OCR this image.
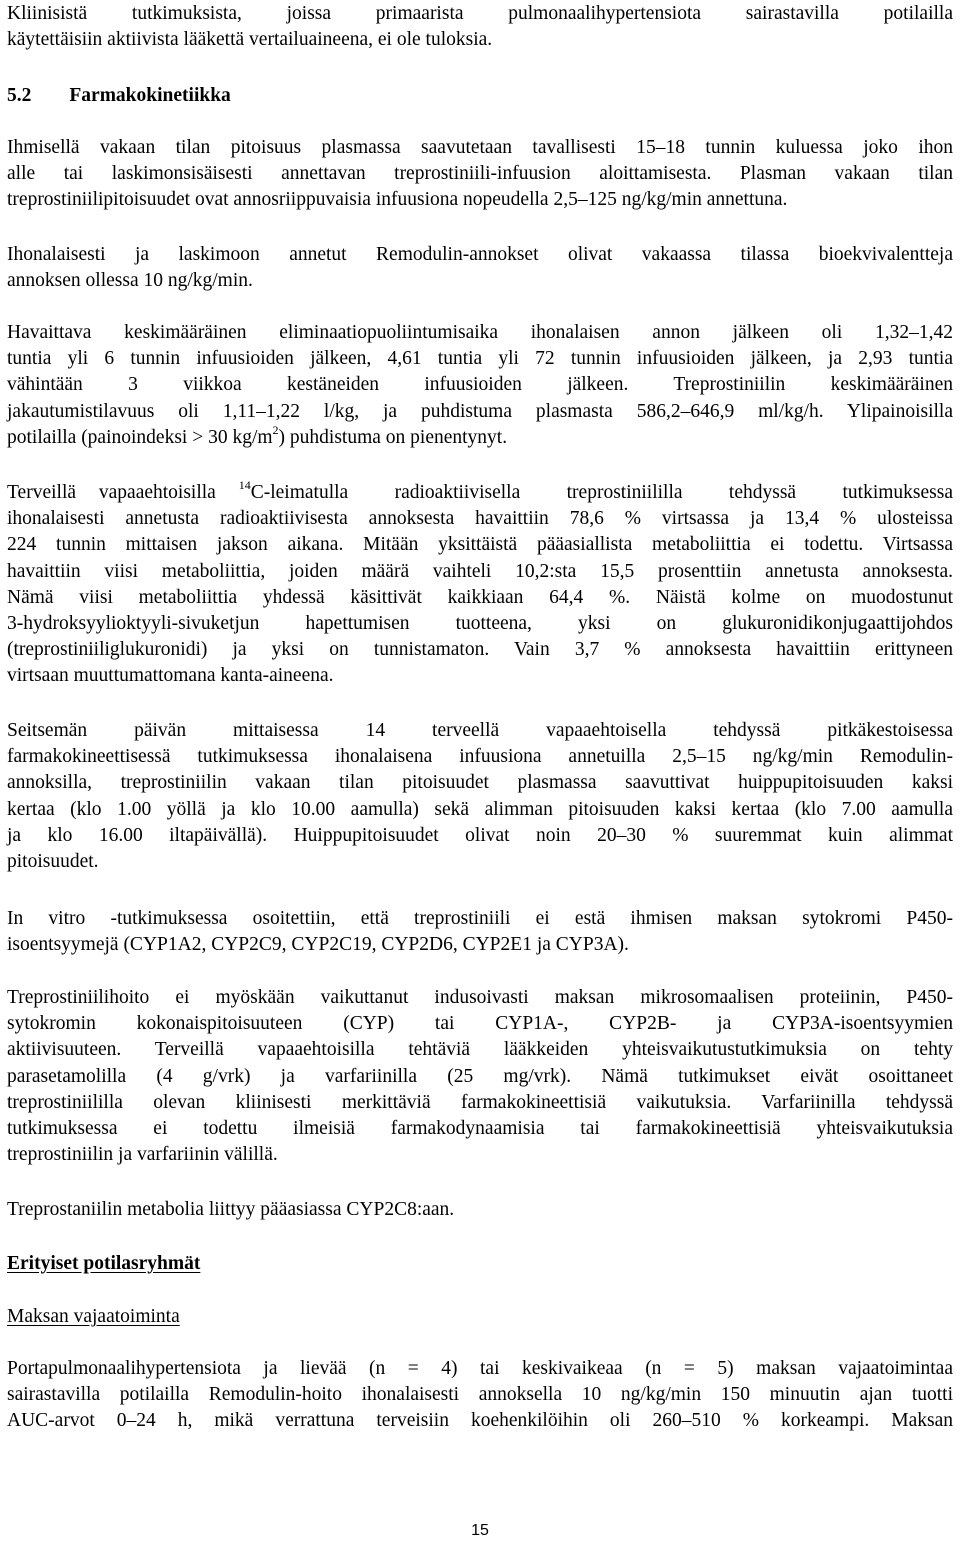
Kliinisistä tutkimuksista, joissa primaarista pulmonaalihypertensiota sairastavilla potilailla
käytettäisiin aktiivista lääkettä vertailuaineena, ei ole tuloksia.
5.2 Farmakokinetiikka
Ihmisellä vakaan tilan pitoisuus plasmassa saavutetaan tavallisesti 15–18 tunnin kuluessa joko ihon
alle tai laskimonsisäisesti annettavan treprostiniili-infuusion aloittamisesta. Plasman vakaan tilan
treprostiniilipitoisuudet ovat annosriippuvaisia infuusiona nopeudella 2,5–125 ng/kg/min annettuna.
Ihonalaisesti ja laskimoon annetut Remodulin-annokset olivat vakaassa tilassa bioekvivalentteja
annoksen ollessa 10 ng/kg/min.
Havaittava keskimääräinen eliminaatiopuoliintumisaika ihonalaisen annon jälkeen oli 1,32–1,42
tuntia yli 6 tunnin infuusioiden jälkeen, 4,61 tuntia yli 72 tunnin infuusioiden jälkeen, ja 2,93 tuntia
vähintään 3 viikkoa kestäneiden infuusioiden jälkeen. Treprostiniilin keskimääräinen
jakautumistilavuus oli 1,11–1,22 l/kg, ja puhdistuma plasmasta 586,2–646,9 ml/kg/h. Ylipainoisilla
potilailla (painoindeksi > 30 $kg/m^2$) puhdistuma on pienentynyt.
Terveillä vapaaehtoisilla $^{14}$C-leimatulla radioaktiivisella treprostiniililla tehdyssä tutkimuksessa
ihonalaisesti annetusta radioaktiivisesta annoksesta havaittiin 78,6 % virtsassa ja 13,4 % ulosteissa
224 tunnin mittaisen jakson aikana. Mitään yksittäistä pääasiallista metaboliittia ei todettu. Virtsassa
havaittiin viisi metaboliittia, joiden määrä vaihteli 10,2:sta 15,5 prosenttiin annetusta annoksesta.
Nämä viisi metaboliittia yhdessä käsittivät kaikkiaan 64,4 %. Näistä kolme on muodostunut
3-hydroksyylioktyyli-sivuketjun hapettumisen tuotteena, yksi on glukuronidikonjugaattijohdos
(treprostiniiliglukuronidi) ja yksi on tunnistamaton. Vain 3,7 % annoksesta havaittiin erittyneen
virtsaan muuttumattomana kanta-aineena.
Seitsemän päivän mittaisessa 14 terveellä vapaaehtoisella tehdyssä pitkäkestoisessa
farmakokineettisessä tutkimuksessa ihonalaisena infuusiona annetuilla 2,5–15 ng/kg/min Remodulin-
annoksilla, treprostiniilin vakaan tilan pitoisuudet plasmassa saavuttivat huippupitoisuuden kaksi
kertaa (klo 1.00 yöllä ja klo 10.00 aamulla) sekä alimman pitoisuuden kaksi kertaa (klo 7.00 aamulla
ja klo 16.00 iltapäivällä). Huippupitoisuudet olivat noin 20–30 % suuremmat kuin alimmat
pitoisuudet.
In vitro -tutkimuksessa osoitettiin, että treprostiniili ei estä ihmisen maksan sytokromi P450-
isoentsyymejä (CYP1A2, CYP2C9, CYP2C19, CYP2D6, CYP2E1 ja CYP3A).
Treprostiniilihoito ei myöskään vaikuttanut indusoivasti maksan mikrosomaalisen proteiinin, P450-
sytokromin kokonaispitoisuuteen (CYP) tai CYP1A-, CYP2B- ja CYP3A-isoentsyymien
aktiivisuuteen. Terveillä vapaaehtoisilla tehtäviä lääkkeiden yhteisvaikutustutkimuksia on tehty
parasetamolilla (4 g/vrk) ja varfariinilla (25 mg/vrk). Nämä tutkimukset eivät osoittaneet
treprostiniililla olevan kliinisesti merkittäviä farmakokineettisiä vaikutuksia. Varfariinilla tehdyssä
tutkimuksessa ei todettu ilmeisiä farmakodynaamisia tai farmakokineettisiä yhteisvaikutuksia
treprostiniilin ja varfariinin välillä.
Treprostaniilin metabolia liittyy pääasiassa CYP2C8:aan.
Erityiset potilasryhmät
Maksan vajaatoiminta
Portapulmonaalihypertensiota ja lievää (n = 4) tai keskivaikeaa (n = 5) maksan vajaatoimintaa
sairastavilla potilailla Remodulin-hoito ihonalaisesti annoksella 10 ng/kg/min 150 minuutin ajan tuotti
AUC-arvot 0–24 h, mikä verrattuna terveisiin koehenkilöihin oli 260–510 % korkeampi. Maksan
15
